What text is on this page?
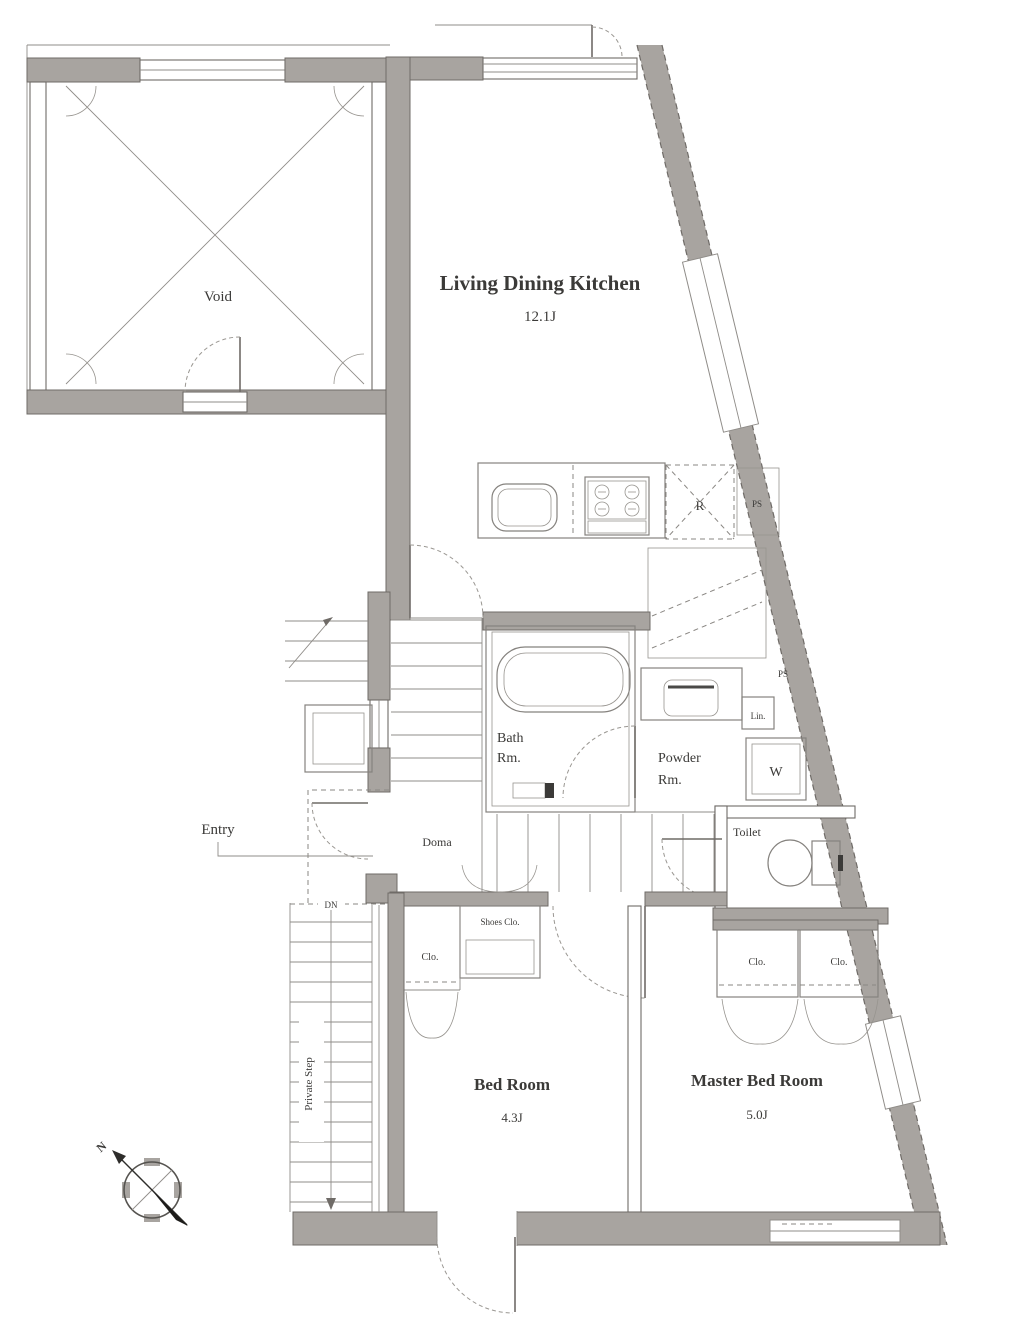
Void
R	PS
Living Dining Kitchen
12.1J
Doma
Entry
Bath
Rm.	Powder
Rm.
Lin.
W
PS
Toilet
Shoes Clo.
Clo.	Clo.	Clo.
Bed Room
4.3J
Master Bed Room
5.0J
Private Step
DN
N
